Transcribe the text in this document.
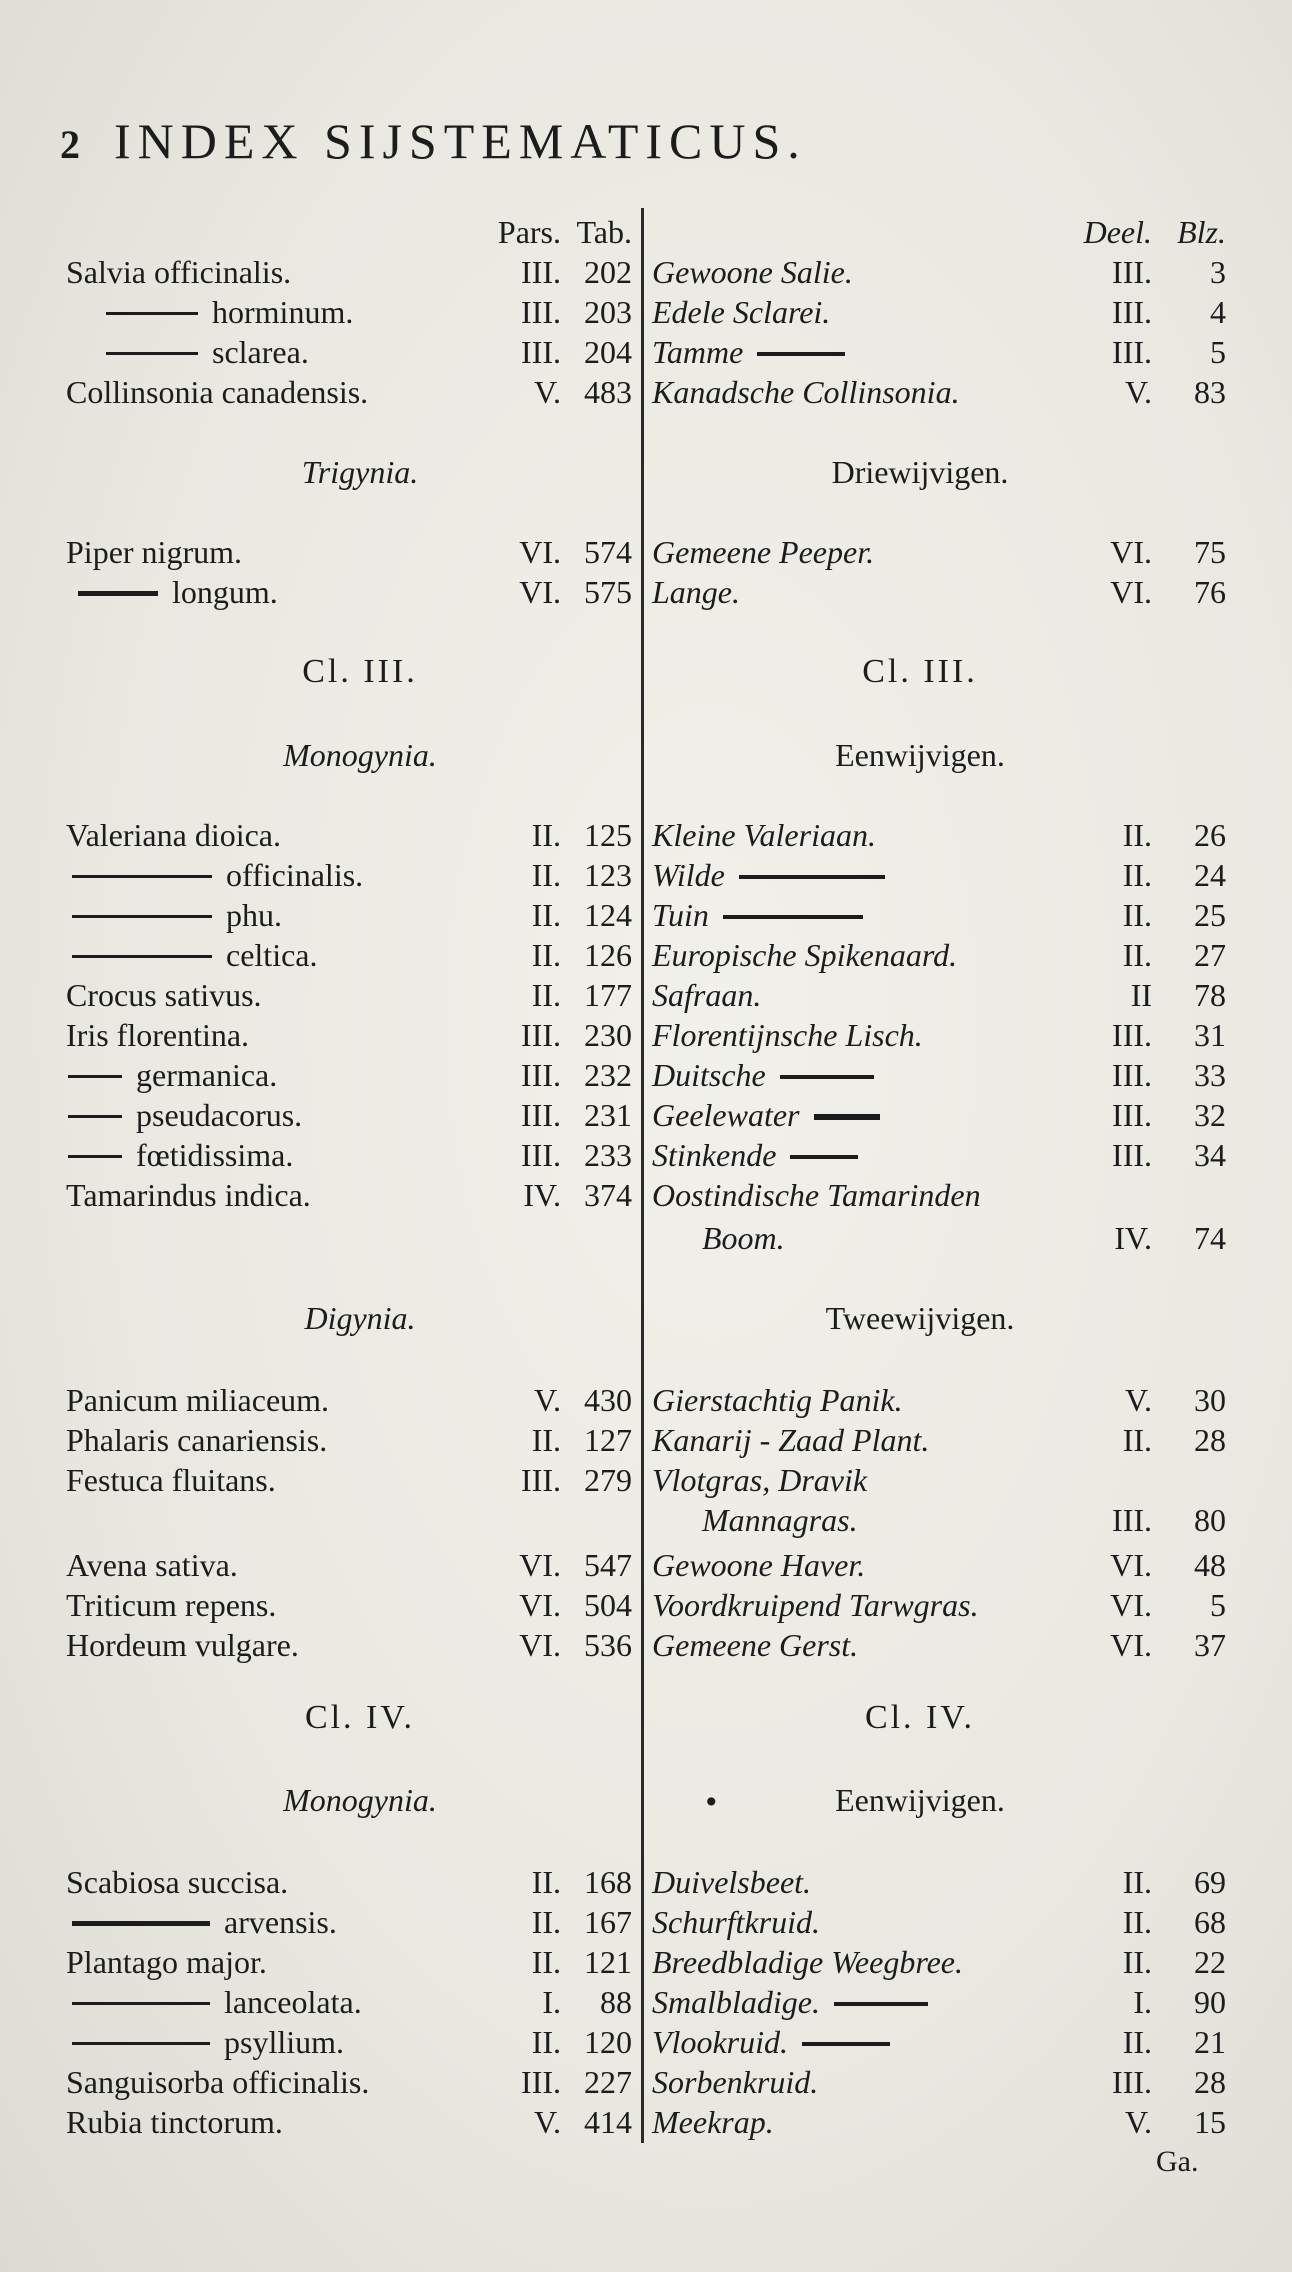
2 INDEX SIJSTEMATICUS.
Pars. Tab.	Deel. Blz.
Salvia officinalis.	III. 202 Gewoone Salie.	III.	3
horminum.	III. 203 Edele Sclarei.	III.	4
sclarea.	III. 204 Tamme	III.	5
Collinsonia canadensis.	V. 483 Kanadsche Collinsonia.	V.	83
Trigynia.	Driewijvigen.
Piper nigrum.	VI. 574 Gemeene Peeper.	VI.	75
longum.	VI. 575 Lange.	VI.	76
Cl. III.	Cl. III.
Monogynia.	Eenwijvigen.
Valeriana dioica.	II. 125 Kleine Valeriaan.	II.	26
officinalis.	II. 123 Wilde	II.	24
phu.	II. 124 Tuin	II.	25
celtica.	II. 126 Europische Spikenaard.	II.	27
Crocus sativus.	II. 177 Safraan.	II	78
Iris florentina.	III. 230 Florentijnsche Lisch.	III.	31
germanica.	III. 232 Duitsche	III.	33
pseudacorus.	III. 231 Geelewater	III.	32
fœtidissima.	III. 233 Stinkende	III.	34
Tamarindus indica.	IV. 374 Oostindische Tamarinden
Boom.	IV.	74
Digynia.	Tweewijvigen.
Panicum miliaceum.	V. 430 Gierstachtig Panik.	V.	30
Phalaris canariensis.	II. 127 Kanarij - Zaad Plant.	II.	28
Festuca fluitans.	III. 279 Vlotgras, Dravik
Mannagras.	III.	80
Avena sativa.	VI. 547 Gewoone Haver.	VI.	48
Triticum repens.	VI. 504 Voordkruipend Tarwgras.	VI.	5
Hordeum vulgare.	VI. 536 Gemeene Gerst.	VI.	37
Cl. IV.	Cl. IV.
•
Monogynia.	Eenwijvigen.
Scabiosa succisa.	II. 168 Duivelsbeet.	II.	69
arvensis.	II. 167 Schurftkruid.	II.	68
Plantago major.	II. 121 Breedbladige Weegbree.	II.	22
lanceolata.	I.	88 Smalbladige.	I.	90
psyllium.	II. 120 Vlookruid.	II.	21
Sanguisorba officinalis.	III. 227 Sorbenkruid.	III.	28
Rubia tinctorum.	V. 414 Meekrap.	V.	15
Ga.
